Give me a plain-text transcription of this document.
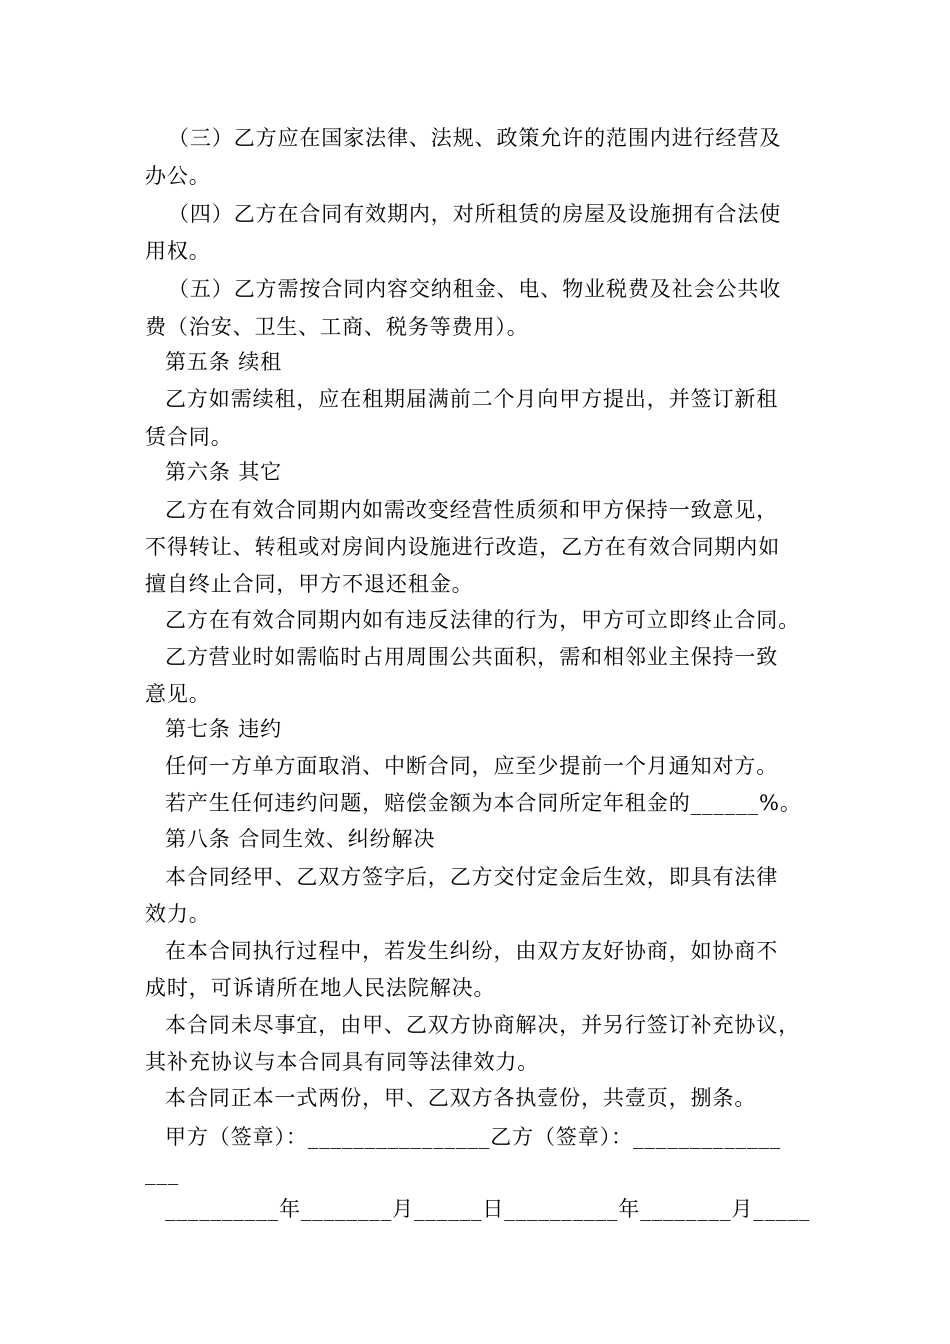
（三）乙方应在国家法律、法规、政策允许的范围内进行经营及
办公。
（四）乙方在合同有效期内，对所租赁的房屋及设施拥有合法使
用权。
（五）乙方需按合同内容交纳租金、电、物业税费及社会公共收
费（治安、卫生、工商、税务等费用）。
第五条 续租
乙方如需续租，应在租期届满前二个月向甲方提出，并签订新租
赁合同。
第六条 其它
乙方在有效合同期内如需改变经营性质须和甲方保持一致意见，
不得转让、转租或对房间内设施进行改造，乙方在有效合同期内如
擅自终止合同，甲方不退还租金。
乙方在有效合同期内如有违反法律的行为，甲方可立即终止合同。
乙方营业时如需临时占用周围公共面积，需和相邻业主保持一致
意见。
第七条 违约
任何一方单方面取消、中断合同，应至少提前一个月通知对方。
若产生任何违约问题，赔偿金额为本合同所定年租金的______%。
第八条 合同生效、纠纷解决
本合同经甲、乙双方签字后，乙方交付定金后生效，即具有法律
效力。
在本合同执行过程中，若发生纠纷，由双方友好协商，如协商不
成时，可诉请所在地人民法院解决。
本合同未尽事宜，由甲、乙双方协商解决，并另行签订补充协议，
其补充协议与本合同具有同等法律效力。
本合同正本一式两份，甲、乙双方各执壹份，共壹页，捌条。
甲方（签章）：________________乙方（签章）：_____________
___
__________年________月______日__________年________月_____
